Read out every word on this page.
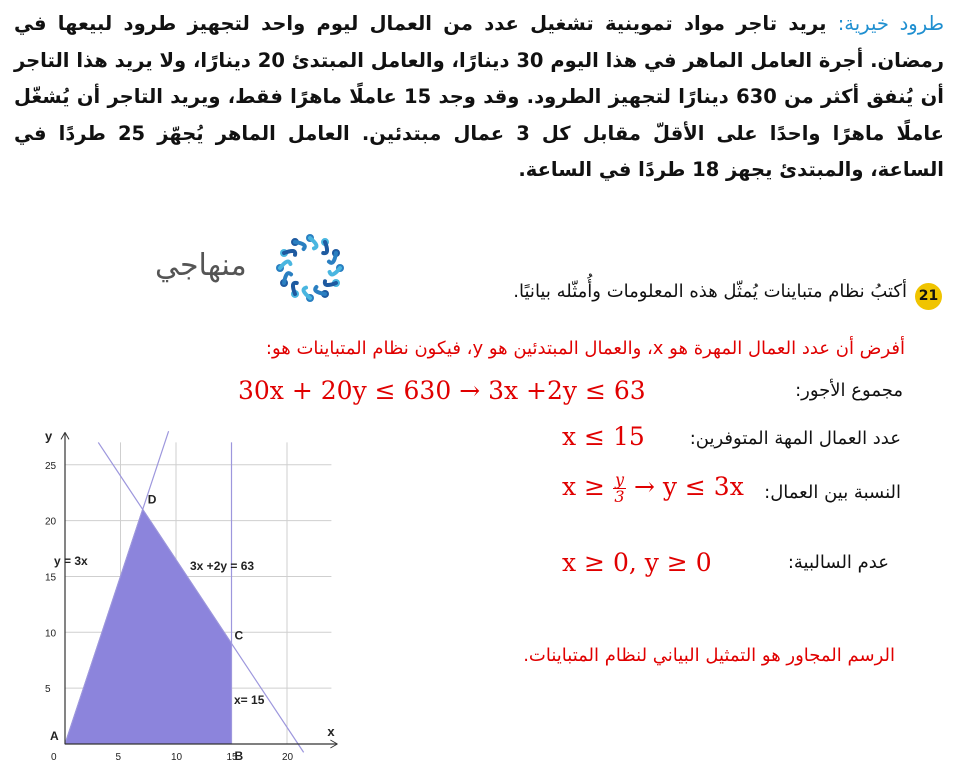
طرود خيرية: يريد تاجر مواد تموينية تشغيل عدد من العمال ليوم واحد لتجهيز طرود لبيعها في رمضان. أجرة العامل الماهر في هذا اليوم 30 دينارًا، والعامل المبتدئ 20 دينارًا، ولا يريد هذا التاجر أن يُنفق أكثر من 630 دينارًا لتجهيز الطرود. وقد وجد 15 عاملًا ماهرًا فقط، ويريد التاجر أن يُشغّل عاملًا ماهرًا واحدًا على الأقلّ مقابل كل 3 عمال مبتدئين. العامل الماهر يُجهّز 25 طردًا في الساعة، والمبتدئ يجهز 18 طردًا في الساعة.
منهاجي
21
أكتبُ نظام متباينات يُمثّل هذه المعلومات وأُمثّله بيانيًا.
أفرض أن عدد العمال المهرة هو x، والعمال المبتدئين هو y، فيكون نظام المتباينات هو:
مجموع الأجور:
30x + 20y ≤ 630 → 3x +2y ≤ 63
عدد العمال المهة المتوفرين:
x ≤ 15
النسبة بين العمال:
$x \ge \frac{y}{3} \to y \le 3x$
عدم السالبية:
x ≥ 0, y ≥ 0
الرسم المجاور هو التمثيل البياني لنظام المتباينات.
x
y
0	5	10	15	20
5
10
15
20
25
A
B
C
D
y = 3x	3x +2y = 63
x= 15
